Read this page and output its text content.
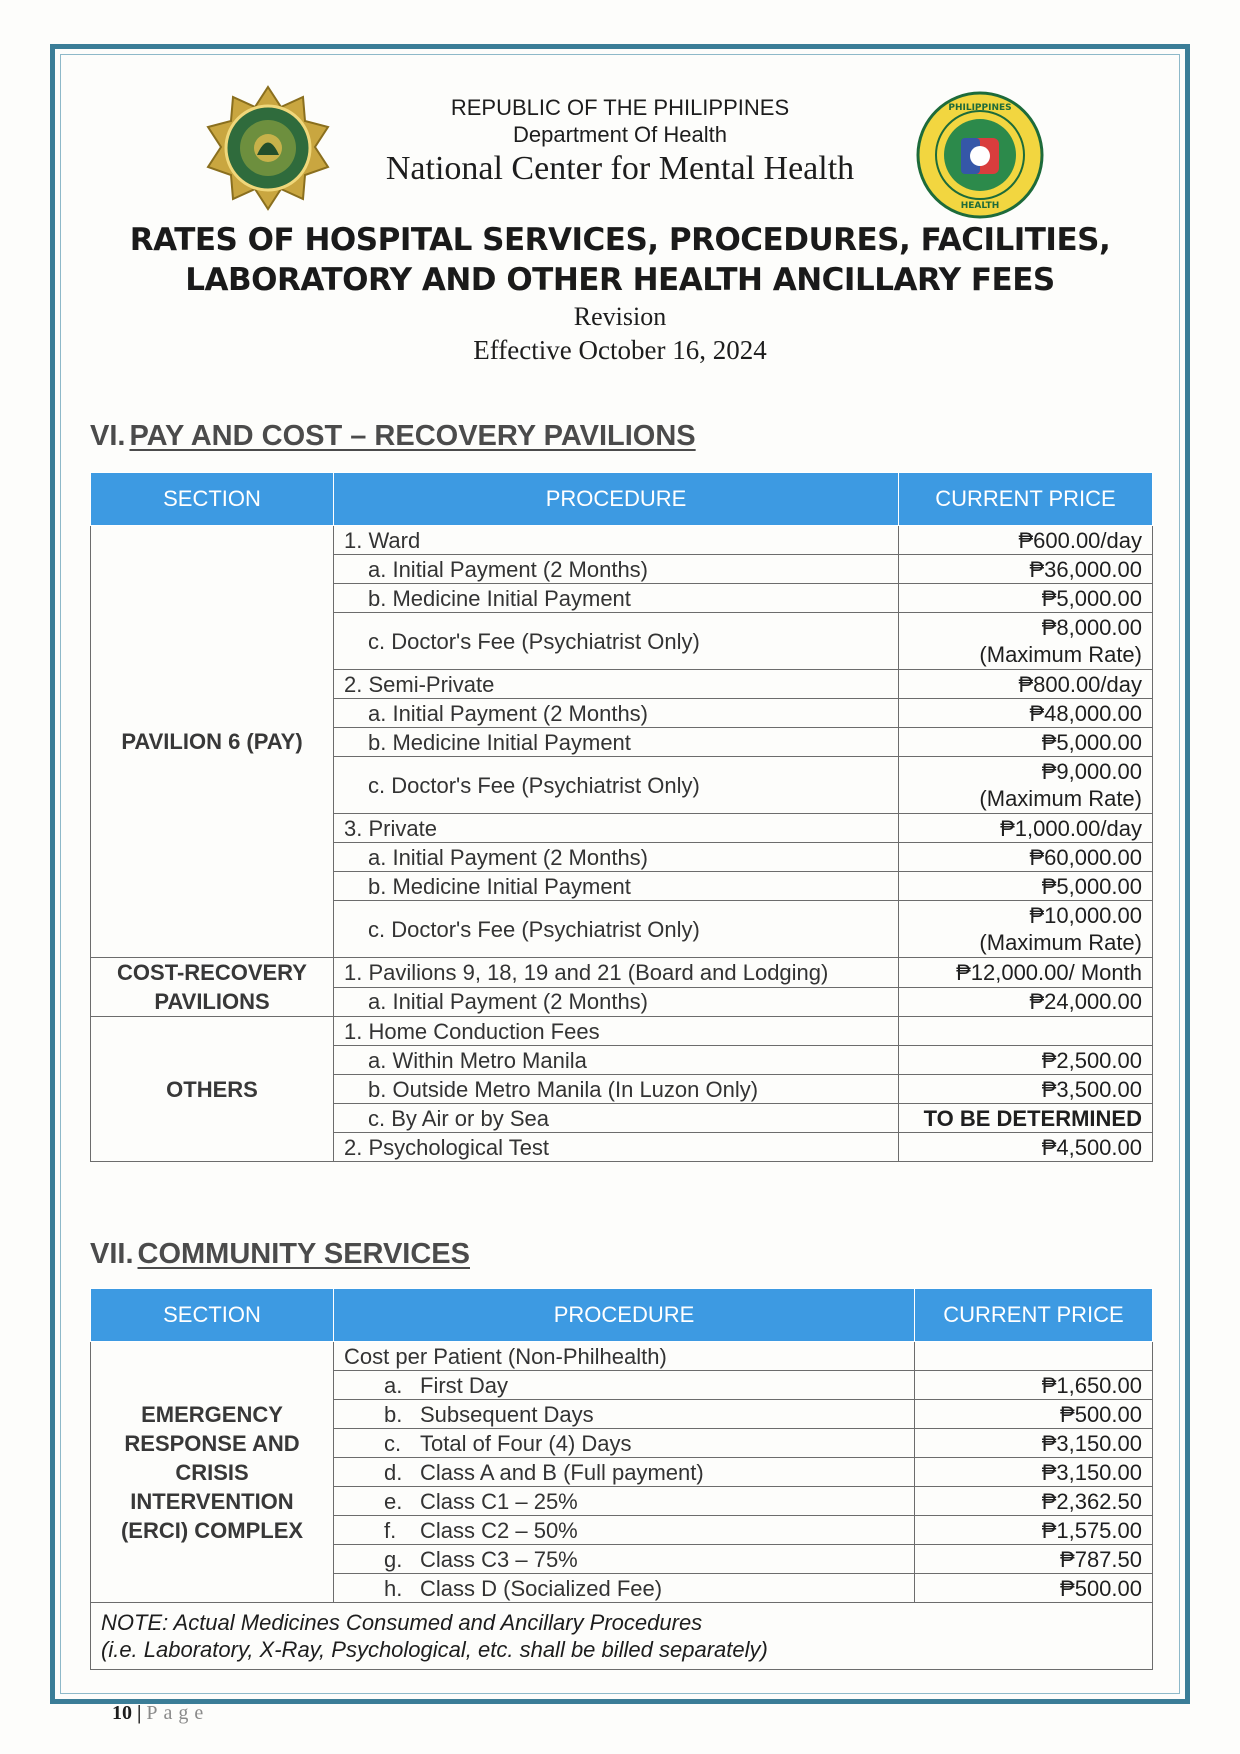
PHILIPPINES
HEALTH
REPUBLIC OF THE PHILIPPINES
Department Of Health
National Center for Mental Health
RATES OF HOSPITAL SERVICES, PROCEDURES, FACILITIES,
LABORATORY AND OTHER HEALTH ANCILLARY FEES
Revision
Effective October 16, 2024
VI. PAY AND COST – RECOVERY PAVILIONS
SECTION	PROCEDURE	CURRENT PRICE
PAVILION 6 (PAY)	1. Ward	₱600.00/day
	a. Initial Payment (2 Months)	₱36,000.00
	b. Medicine Initial Payment	₱5,000.00
	c. Doctor's Fee (Psychiatrist Only)	₱8,000.00
(Maximum Rate)

	2. Semi-Private	₱800.00/day
	a. Initial Payment (2 Months)	₱48,000.00
	b. Medicine Initial Payment	₱5,000.00
	c. Doctor's Fee (Psychiatrist Only)	₱9,000.00
(Maximum Rate)

	3. Private	₱1,000.00/day
	a. Initial Payment (2 Months)	₱60,000.00
	b. Medicine Initial Payment	₱5,000.00
	c. Doctor's Fee (Psychiatrist Only)	₱10,000.00
(Maximum Rate)

COST-RECOVERY
PAVILIONS	1. Pavilions 9, 18, 19 and 21 (Board and Lodging)	₱12,000.00/ Month
	a. Initial Payment (2 Months)	₱24,000.00
OTHERS	1. Home Conduction Fees	
	a. Within Metro Manila	₱2,500.00
	b. Outside Metro Manila (In Luzon Only)	₱3,500.00
	c. By Air or by Sea	TO BE DETERMINED
	2. Psychological Test	₱4,500.00
VII. COMMUNITY SERVICES
SECTION	PROCEDURE	CURRENT PRICE

EMERGENCY
RESPONSE AND
CRISIS
INTERVENTION
(ERCI) COMPLEX	Cost per Patient (Non-Philhealth)	
	a. First Day	₱1,650.00
	b. Subsequent Days	₱500.00
	c. Total of Four (4) Days	₱3,150.00
	d. Class A and B (Full payment)	₱3,150.00
	e. Class C1 – 25%	₱2,362.50
	f. Class C2 – 50%	₱1,575.00
	g. Class C3 – 75%	₱787.50
	h. Class D (Socialized Fee)	₱500.00

NOTE: Actual Medicines Consumed and Ancillary Procedures
(i.e. Laboratory, X-Ray, Psychological, etc. shall be billed separately)		
10 | Page
